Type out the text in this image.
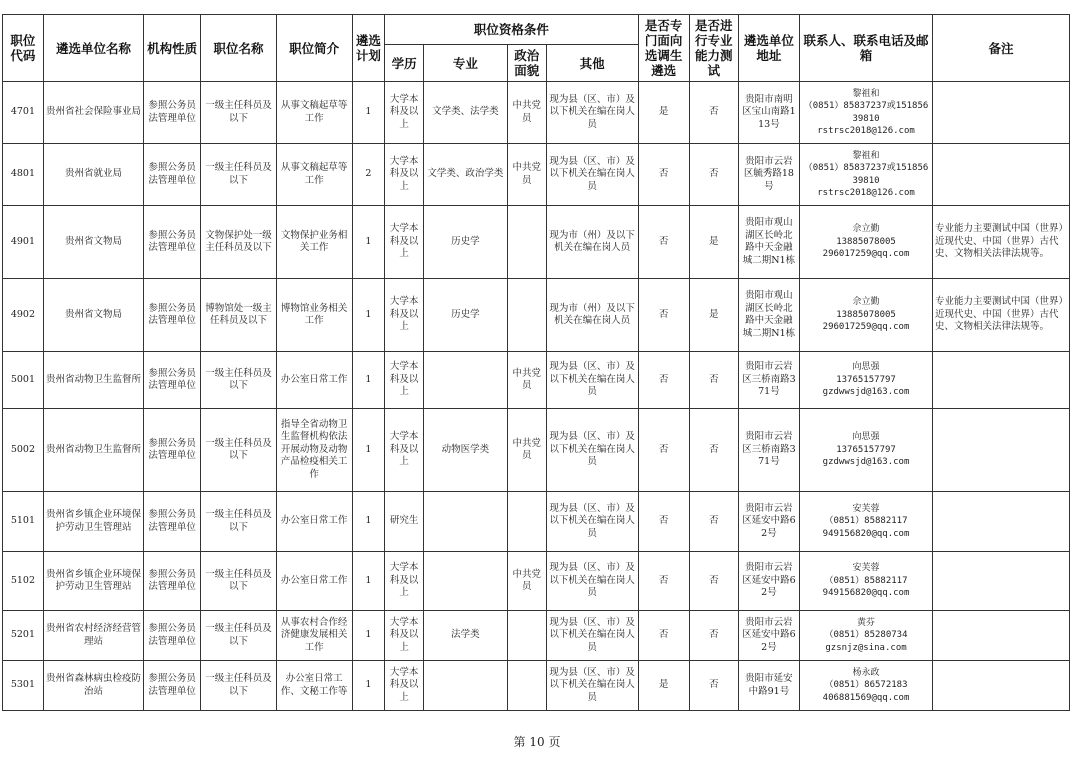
职位代码	遴选单位名称	机构性质	职位名称	职位简介	遴选计划	职位资格条件				是否专门面向选调生遴选	是否进行专业能力测试	遴选单位地址	联系人、联系电话及邮箱	备注
						学历	专业	政治面貌	其他					
4701	贵州省社会保险事业局	参照公务员法管理单位	一级主任科员及以下	从事文稿起草等工作	1	大学本科及以上	文学类、法学类	中共党员	现为县（区、市）及以下机关在编在岗人员	是	否	贵阳市南明区宝山南路113号	黎祖和
（0851）85837237或15185639810
rstrsc2018@126.com	

4801	贵州省就业局	参照公务员法管理单位	一级主任科员及以下	从事文稿起草等工作	2	大学本科及以上	文学类、政治学类	中共党员	现为县（区、市）及以下机关在编在岗人员	否	否	贵阳市云岩区毓秀路18号	黎祖和
（0851）85837237或15185639810
rstrsc2018@126.com	

4901	贵州省文物局	参照公务员法管理单位	文物保护处一级主任科员及以下	文物保护业务相关工作	1	大学本科及以上	历史学		现为市（州）及以下机关在编在岗人员	否	是	贵阳市观山湖区长岭北路中天金融城二期N1栋	佘立勤
13885078005
296017259@qq.com	专业能力主要测试中国（世界）近现代史、中国（世界）古代史、文物相关法律法规等。
4902	贵州省文物局	参照公务员法管理单位	博物馆处一级主任科员及以下	博物馆业务相关工作	1	大学本科及以上	历史学		现为市（州）及以下机关在编在岗人员	否	是	贵阳市观山湖区长岭北路中天金融城二期N1栋	佘立勤
13885078005
296017259@qq.com	专业能力主要测试中国（世界）近现代史、中国（世界）古代史、文物相关法律法规等。
5001	贵州省动物卫生监督所	参照公务员法管理单位	一级主任科员及以下	办公室日常工作	1	大学本科及以上		中共党员	现为县（区、市）及以下机关在编在岗人员	否	否	贵阳市云岩区三桥南路371号	向思强
13765157797
gzdwwsjd@163.com	

5002	贵州省动物卫生监督所	参照公务员法管理单位	一级主任科员及以下	指导全省动物卫生监督机构依法开展动物及动物产品检疫相关工作	1	大学本科及以上	动物医学类	中共党员	现为县（区、市）及以下机关在编在岗人员	否	否	贵阳市云岩区三桥南路371号	向思强
13765157797
gzdwwsjd@163.com	

5101	贵州省乡镇企业环境保护劳动卫生管理站	参照公务员法管理单位	一级主任科员及以下	办公室日常工作	1	研究生			现为县（区、市）及以下机关在编在岗人员	否	否	贵阳市云岩区延安中路62号	安芙蓉
（0851）85882117
949156820@qq.com	

5102	贵州省乡镇企业环境保护劳动卫生管理站	参照公务员法管理单位	一级主任科员及以下	办公室日常工作	1	大学本科及以上		中共党员	现为县（区、市）及以下机关在编在岗人员	否	否	贵阳市云岩区延安中路62号	安芙蓉
（0851）85882117
949156820@qq.com	

5201	贵州省农村经济经营管理站	参照公务员法管理单位	一级主任科员及以下	从事农村合作经济健康发展相关工作	1	大学本科及以上	法学类		现为县（区、市）及以下机关在编在岗人员	否	否	贵阳市云岩区延安中路62号	黄芬
（0851）85280734
gzsnjz@sina.com	

5301	贵州省森林病虫检疫防治站	参照公务员法管理单位	一级主任科员及以下	办公室日常工作、文秘工作等	1	大学本科及以上			现为县（区、市）及以下机关在编在岗人员	是	否	贵阳市延安中路91号	杨永政
（0851）86572183
406881569@qq.com	

第 10 页
